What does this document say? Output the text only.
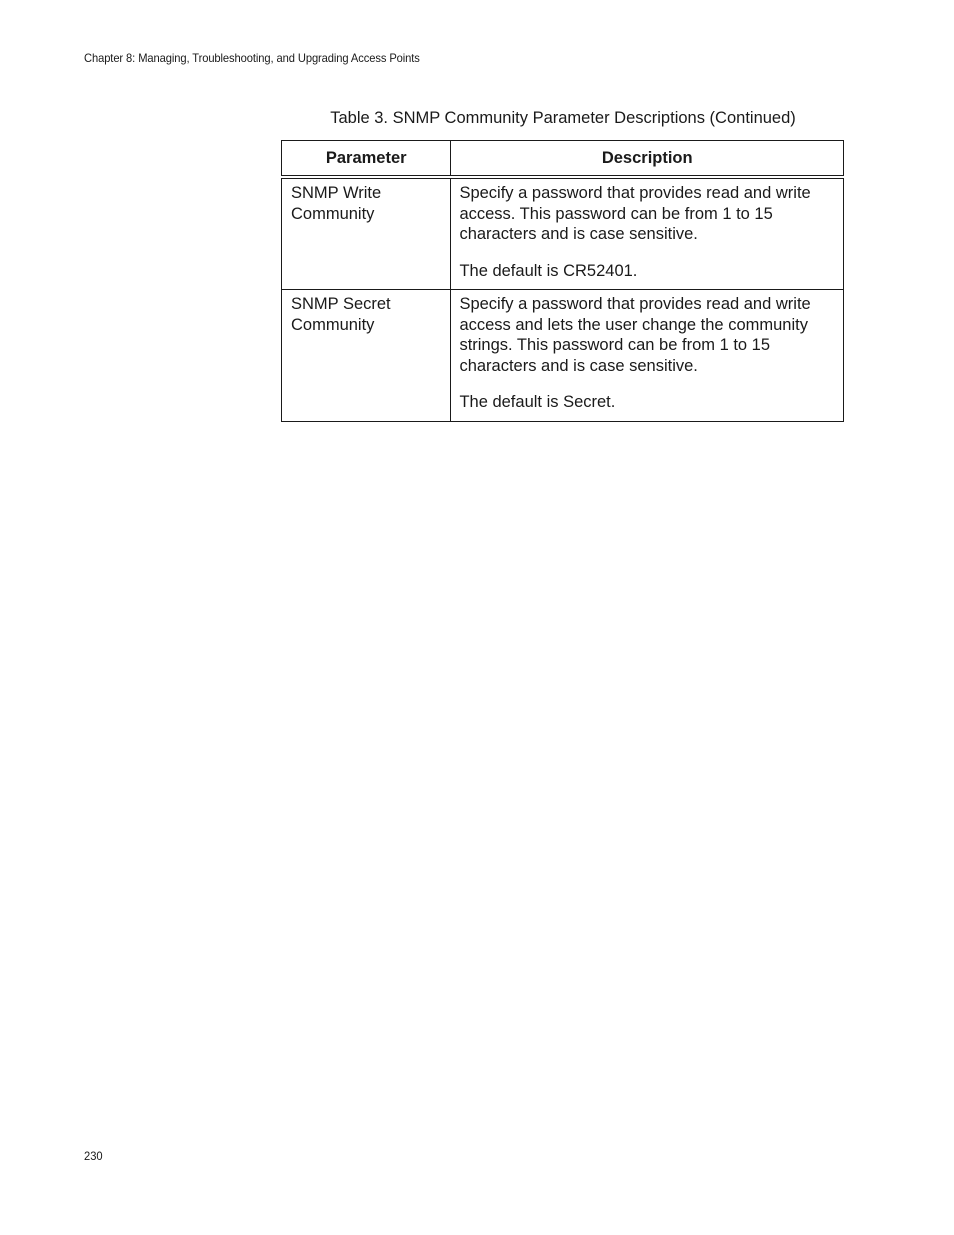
Chapter 8: Managing, Troubleshooting, and Upgrading Access Points
Table 3. SNMP Community Parameter Descriptions (Continued)
Parameter	Description
SNMP Write Community	Specify a password that provides read and write access. This password can be from 1 to 15 characters and is case sensitive.

The default is CR52401.

SNMP Secret Community	Specify a password that provides read and write access and lets the user change the community strings. This password can be from 1 to 15 characters and is case sensitive.

The default is Secret.

230
